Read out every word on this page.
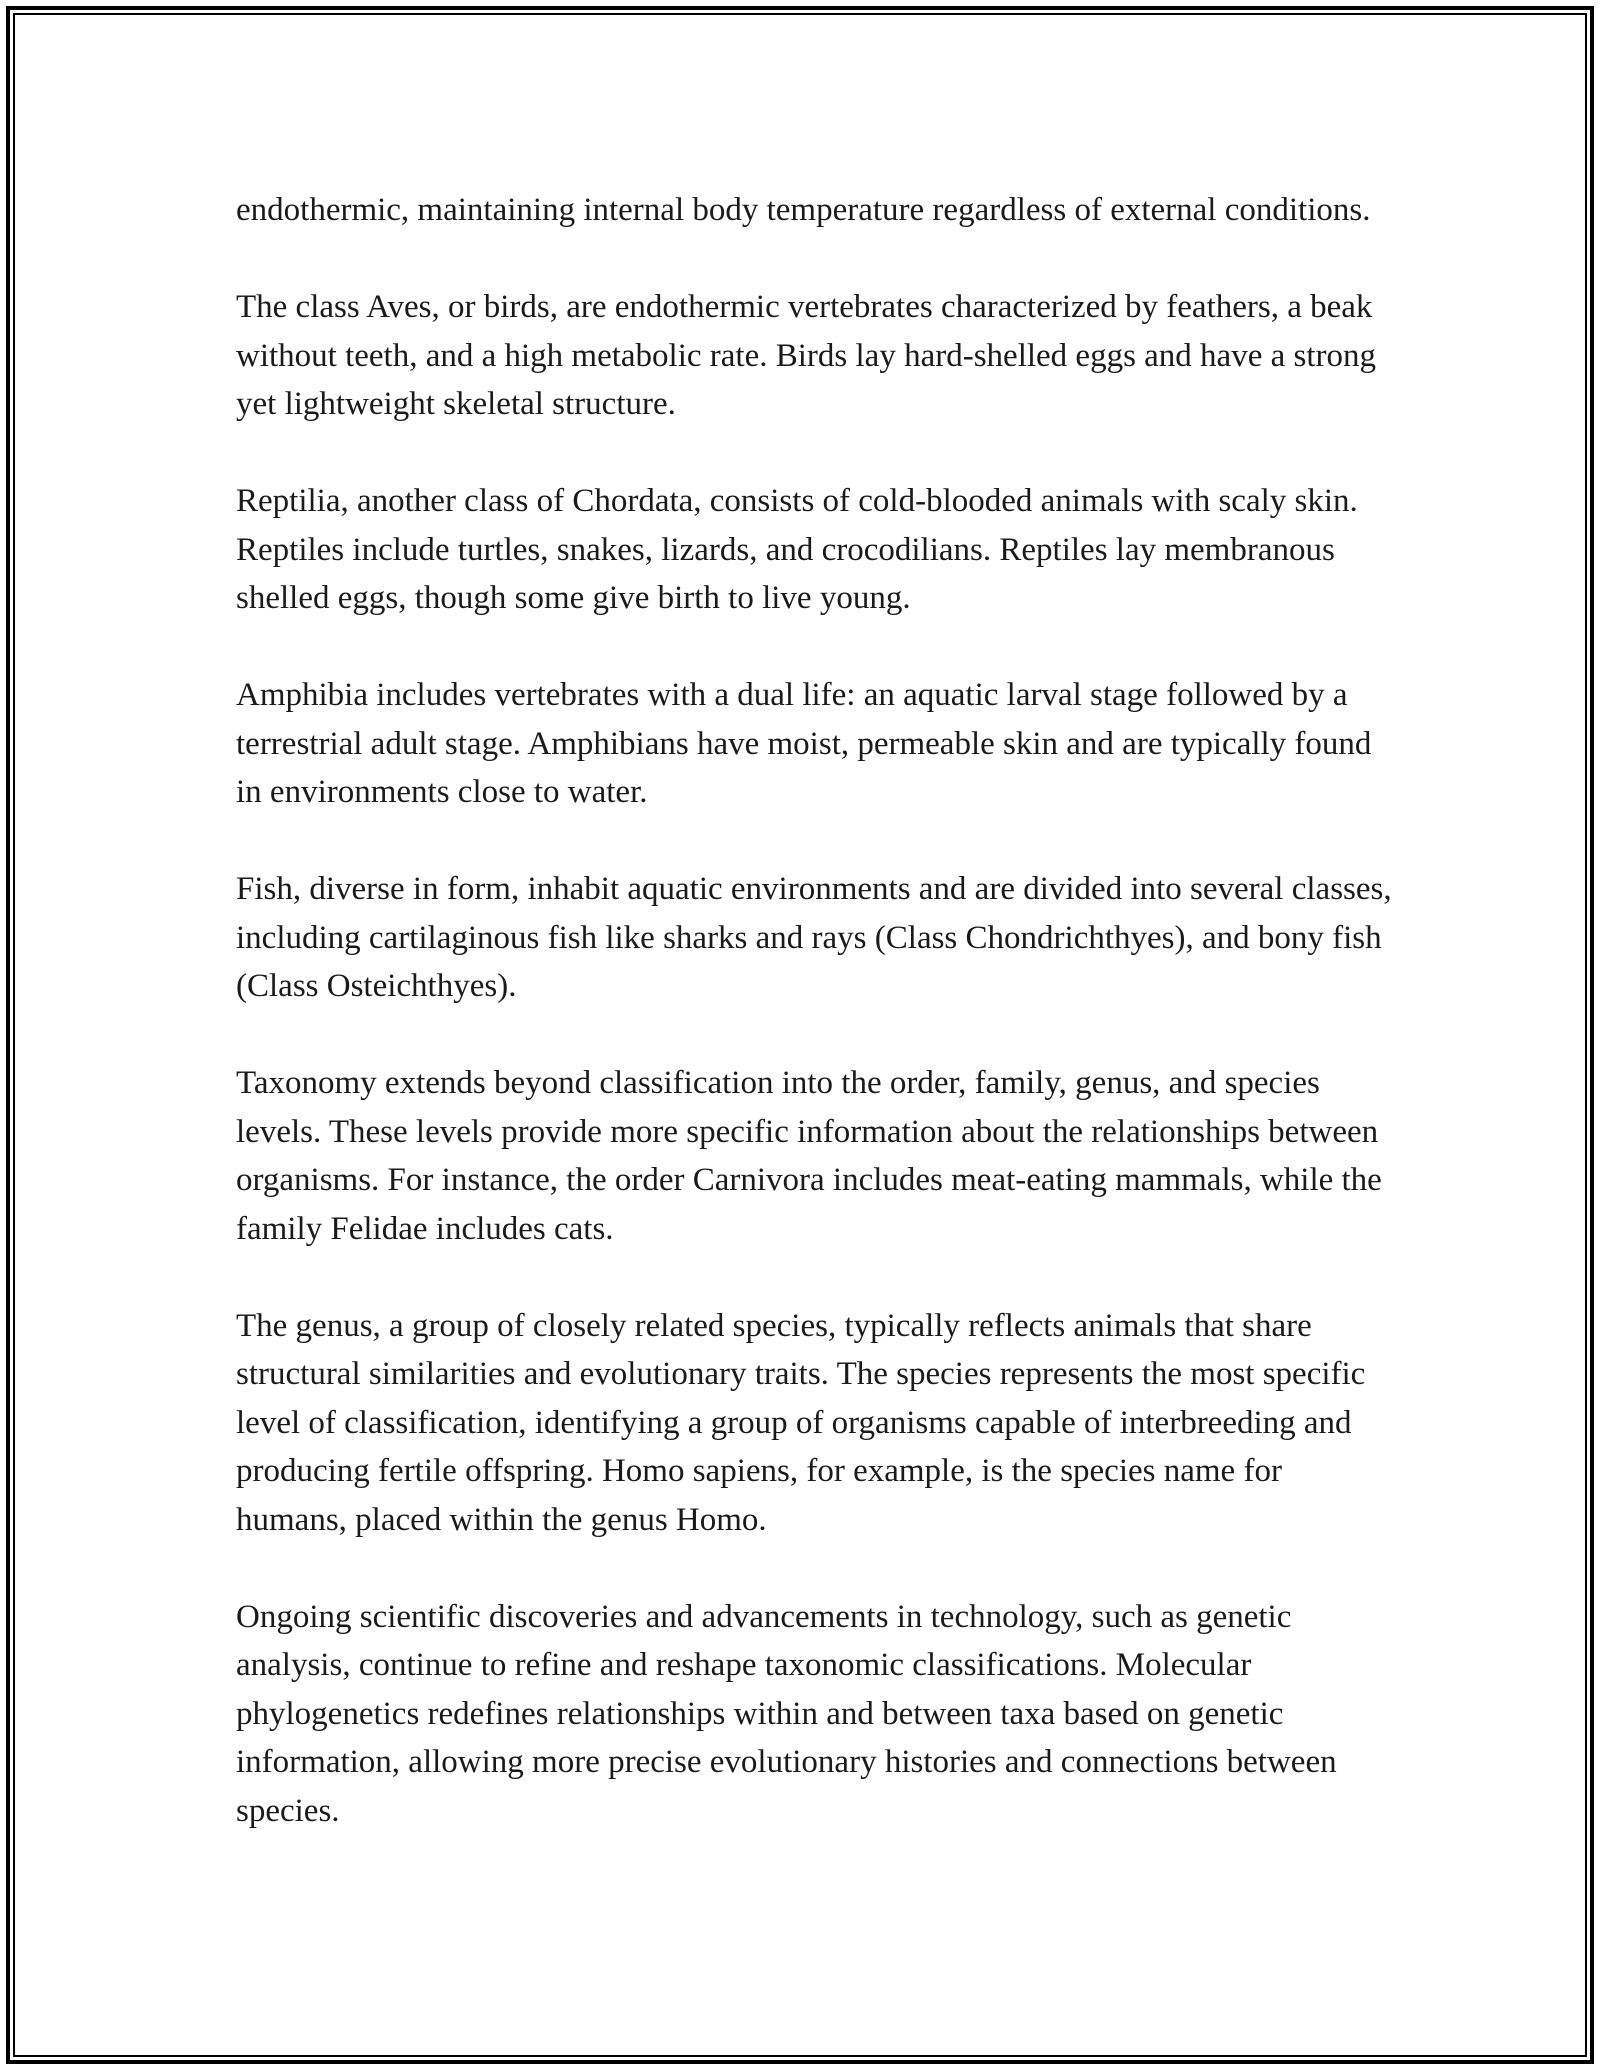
endothermic, maintaining internal body temperature regardless of external conditions.

The class Aves, or birds, are endothermic vertebrates characterized by feathers, a beak without teeth, and a high metabolic rate. Birds lay hard-shelled eggs and have a strong yet lightweight skeletal structure.

Reptilia, another class of Chordata, consists of cold-blooded animals with scaly skin. Reptiles include turtles, snakes, lizards, and crocodilians. Reptiles lay membranous shelled eggs, though some give birth to live young.

Amphibia includes vertebrates with a dual life: an aquatic larval stage followed by a terrestrial adult stage. Amphibians have moist, permeable skin and are typically found in environments close to water.

Fish, diverse in form, inhabit aquatic environments and are divided into several classes, including cartilaginous fish like sharks and rays (Class Chondrichthyes), and bony fish (Class Osteichthyes).

Taxonomy extends beyond classification into the order, family, genus, and species levels. These levels provide more specific information about the relationships between organisms. For instance, the order Carnivora includes meat-eating mammals, while the family Felidae includes cats.

The genus, a group of closely related species, typically reflects animals that share structural similarities and evolutionary traits. The species represents the most specific level of classification, identifying a group of organisms capable of interbreeding and producing fertile offspring. Homo sapiens, for example, is the species name for humans, placed within the genus Homo.

Ongoing scientific discoveries and advancements in technology, such as genetic analysis, continue to refine and reshape taxonomic classifications. Molecular phylogenetics redefines relationships within and between taxa based on genetic information, allowing more precise evolutionary histories and connections between species.
